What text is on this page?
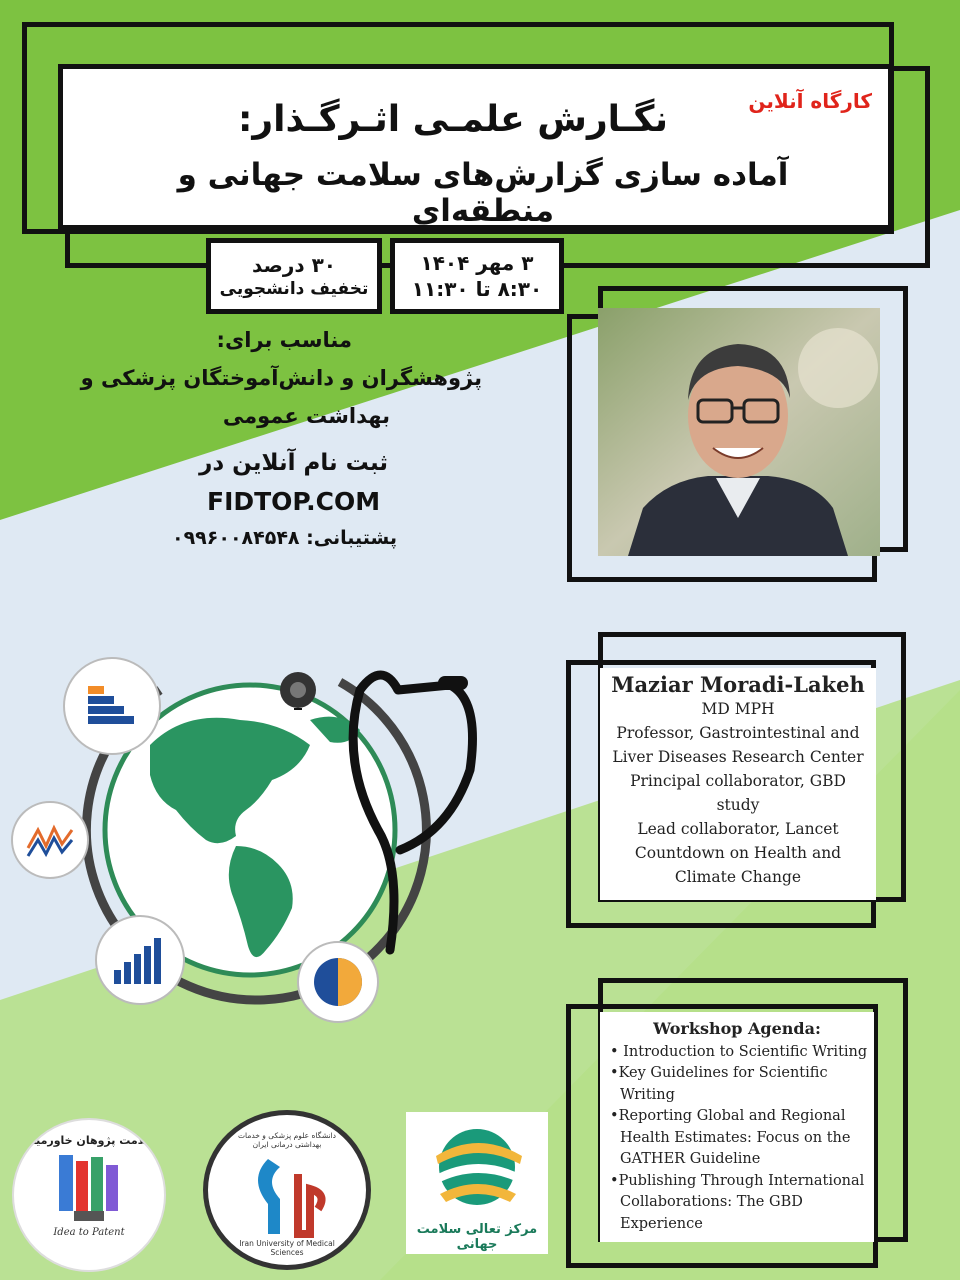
کارگاه آنلاین
نگـارش علمـی اثـرگـذار:
آماده سازی گزارش‌های سلامت جهانی و منطقه‌ای
۳۰ درصد
تخفیف دانشجویی
۳ مهر ۱۴۰۴
۸:۳۰ تا ۱۱:۳۰
مناسب برای:
پژوهشگران و دانش‌آموختگان پزشکی و
بهداشت عمومی
ثبت نام آنلاین در
FIDTOP.COM
پشتیبانی: ۰۹۹۶۰۰۸۴۵۴۸
Maziar Moradi-Lakeh
MD MPH
Professor, Gastrointestinal and
Liver Diseases Research Center
Principal collaborator, GBD
study
Lead collaborator, Lancet
Countdown on Health and
Climate Change
Workshop Agenda:
• Introduction to Scientific Writing
•Key Guidelines for Scientific
Writing
•Reporting Global and Regional
Health Estimates: Focus on the
GATHER Guideline
•Publishing Through International
Collaborations: The GBD
Experience
سلامت پژوهان خاورمیانه
Idea to Patent
دانشگاه علوم پزشکی و خدمات بهداشتی درمانی ایران
Iran University of Medical Sciences
مرکز تعالی سلامت جهانی
